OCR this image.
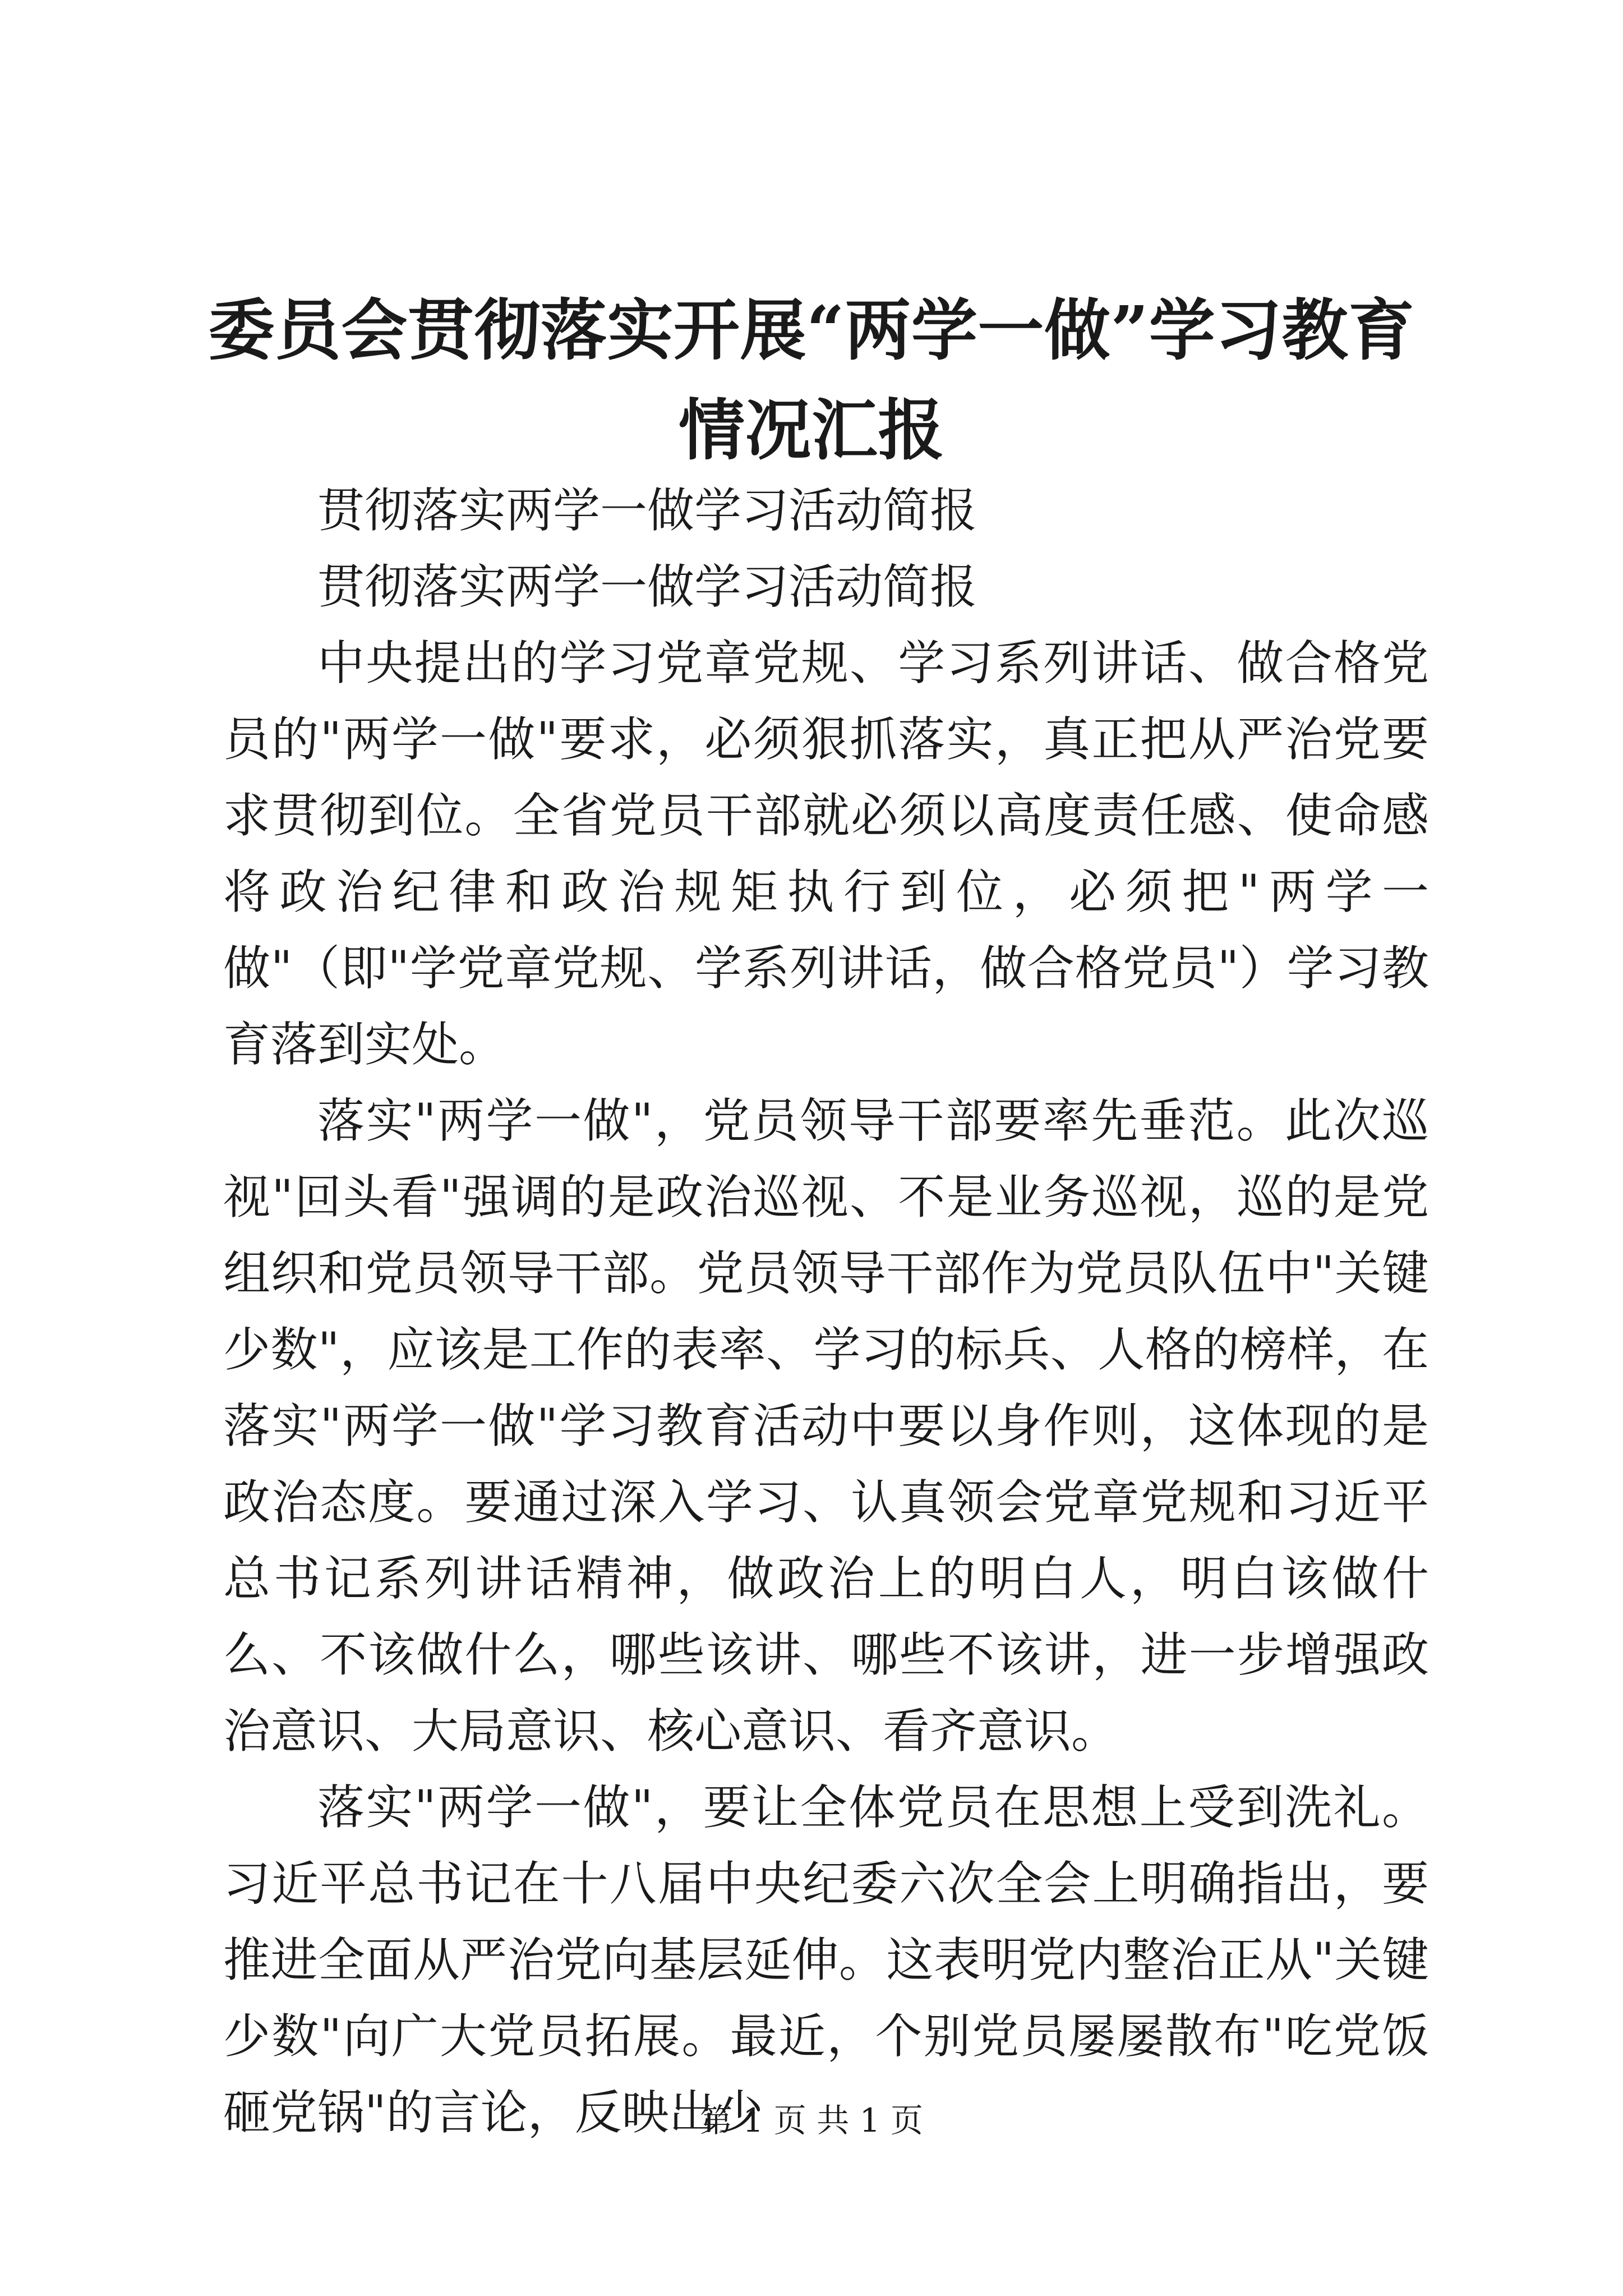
委员会贯彻落实开展“两学一做”学习教育情况汇报

贯彻落实两学一做学习活动简报

贯彻落实两学一做学习活动简报

中央提出的学习党章党规、学习系列讲话、做合格党员的"两学一做"要求，必须狠抓落实，真正把从严治党要求贯彻到位。全省党员干部就必须以高度责任感、使命感将政治纪律和政治规矩执行到位，必须把"两学一做"（即"学党章党规、学系列讲话，做合格党员"）学习教育落到实处。

落实"两学一做"，党员领导干部要率先垂范。此次巡视"回头看"强调的是政治巡视、不是业务巡视，巡的是党组织和党员领导干部。党员领导干部作为党员队伍中"关键少数"，应该是工作的表率、学习的标兵、人格的榜样，在落实"两学一做"学习教育活动中要以身作则，这体现的是政治态度。要通过深入学习、认真领会党章党规和习近平总书记系列讲话精神，做政治上的明白人，明白该做什么、不该做什么，哪些该讲、哪些不该讲，进一步增强政治意识、大局意识、核心意识、看齐意识。

落实"两学一做"，要让全体党员在思想上受到洗礼。习近平总书记在十八届中央纪委六次全会上明确指出，要推进全面从严治党向基层延伸。这表明党内整治正从"关键少数"向广大党员拓展。最近，个别党员屡屡散布"吃党饭砸党锅"的言论，反映出少

第 1 页 共 1 页
